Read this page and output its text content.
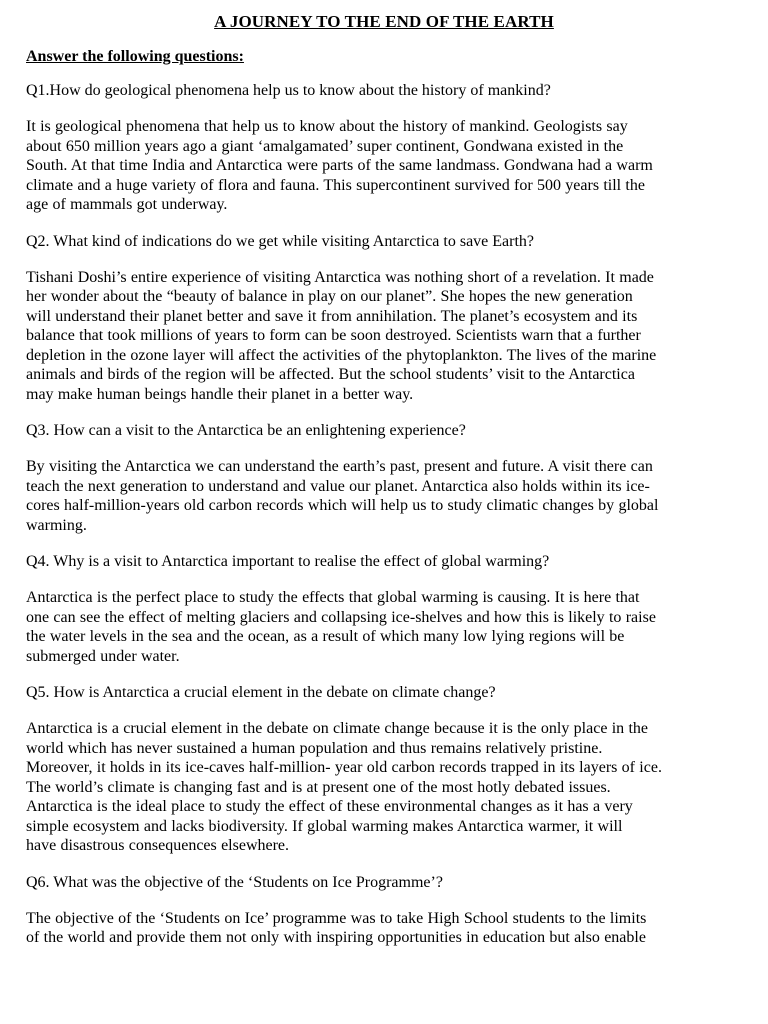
A JOURNEY TO THE END OF THE EARTH
Answer the following questions:
Q1.How do geological phenomena help us to know about the history of mankind?
It is geological phenomena that help us to know about the history of mankind. Geologists say
about 650 million years ago a giant ‘amalgamated’ super continent, Gondwana existed in the
South. At that time India and Antarctica were parts of the same landmass. Gondwana had a warm
climate and a huge variety of flora and fauna. This supercontinent survived for 500 years till the
age of mammals got underway.
Q2. What kind of indications do we get while visiting Antarctica to save Earth?
Tishani Doshi’s entire experience of visiting Antarctica was nothing short of a revelation. It made
her wonder about the “beauty of balance in play on our planet”. She hopes the new generation
will understand their planet better and save it from annihilation. The planet’s ecosystem and its
balance that took millions of years to form can be soon destroyed. Scientists warn that a further
depletion in the ozone layer will affect the activities of the phytoplankton. The lives of the marine
animals and birds of the region will be affected. But the school students’ visit to the Antarctica
may make human beings handle their planet in a better way.
Q3. How can a visit to the Antarctica be an enlightening experience?
By visiting the Antarctica we can understand the earth’s past, present and future. A visit there can
teach the next generation to understand and value our planet. Antarctica also holds within its ice-
cores half-million-years old carbon records which will help us to study climatic changes by global
warming.
Q4. Why is a visit to Antarctica important to realise the effect of global warming?
Antarctica is the perfect place to study the effects that global warming is causing. It is here that
one can see the effect of melting glaciers and collapsing ice-shelves and how this is likely to raise
the water levels in the sea and the ocean, as a result of which many low lying regions will be
submerged under water.
Q5. How is Antarctica a crucial element in the debate on climate change?
Antarctica is a crucial element in the debate on climate change because it is the only place in the
world which has never sustained a human population and thus remains relatively pristine.
Moreover, it holds in its ice-caves half-million- year old carbon records trapped in its layers of ice.
The world’s climate is changing fast and is at present one of the most hotly debated issues.
Antarctica is the ideal place to study the effect of these environmental changes as it has a very
simple ecosystem and lacks biodiversity. If global warming makes Antarctica warmer, it will
have disastrous consequences elsewhere.
Q6. What was the objective of the ‘Students on Ice Programme’?
The objective of the ‘Students on Ice’ programme was to take High School students to the limits
of the world and provide them not only with inspiring opportunities in education but also enable
